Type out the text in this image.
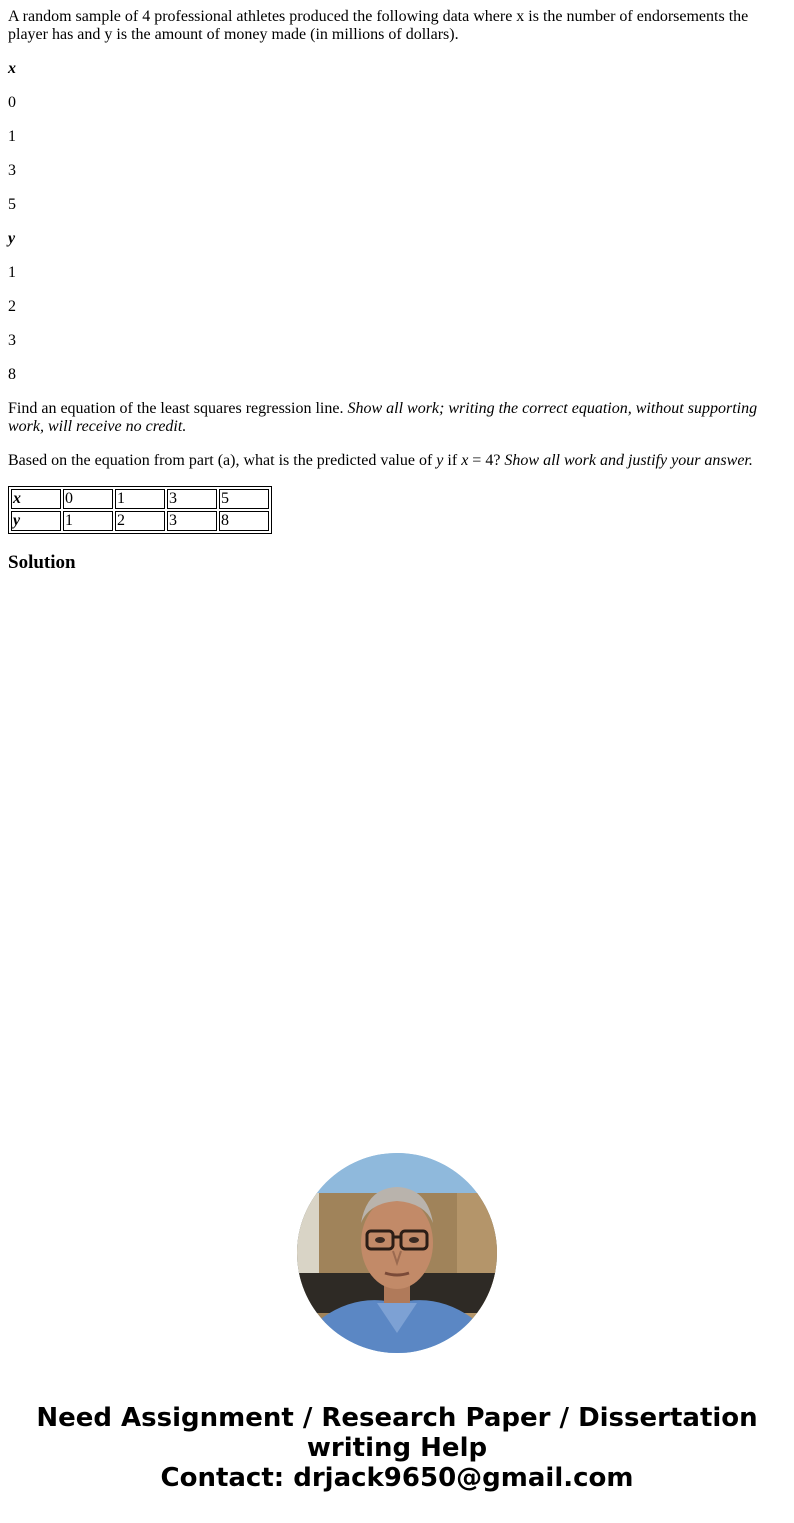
A random sample of 4 professional athletes produced the following data where x is the number of endorsements the player has and y is the amount of money made (in millions of dollars).

x

0

1

3

5

y

1

2

3

8

Find an equation of the least squares regression line. Show all work; writing the correct equation, without supporting work, will receive no credit.

Based on the equation from part (a), what is the predicted value of y if x = 4? Show all work and justify your answer.

x	0	1	3	5
y	1	2	3	8
Solution
Need Assignment / Research Paper / Dissertation
writing Help
Contact: drjack9650@gmail.com
